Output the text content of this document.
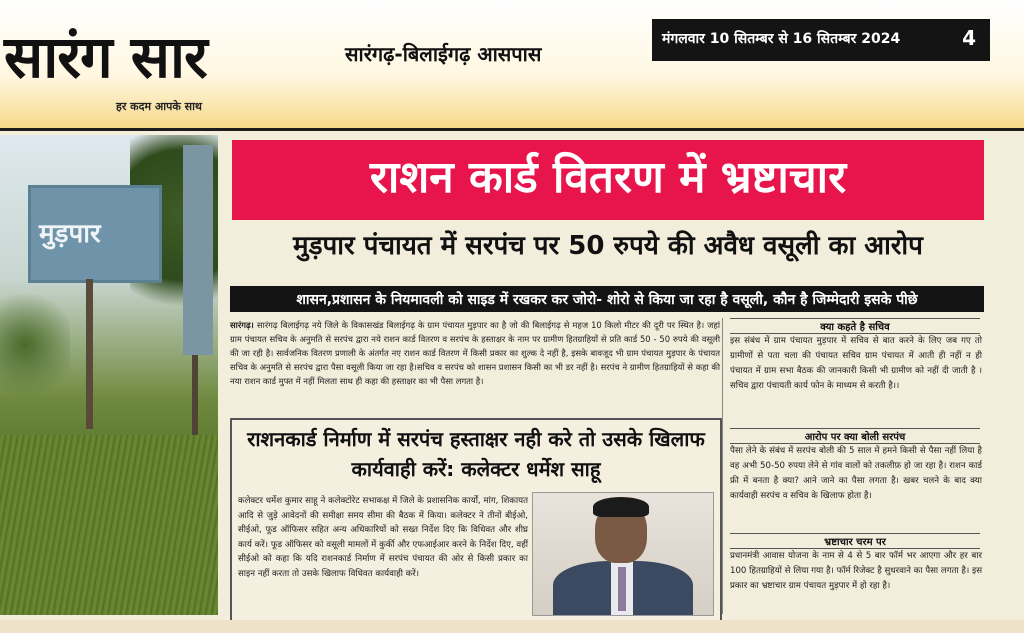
सारंग सार
हर कदम आपके साथ
सारंगढ़-बिलाईगढ़ आसपास
मंगलवार 10 सितम्बर से 16 सितम्बर 2024	4
मुड़पार
राशन कार्ड वितरण में भ्रष्टाचार
मुड़पार पंचायत में सरपंच पर 50 रुपये की अवैध वसूली का आरोप
शासन,प्रशासन के नियमावली को साइड में रखकर कर जोरो- शोरो से किया जा रहा है वसूली, कौन है जिम्मेदारी इसके पीछे
सारंगढ़। सारंगढ़ बिलाईगढ़ नये जिले के विकासखंड बिलाईगढ़ के ग्राम पंचायत मुड़पार का है जो की बिलाईगढ़ से महज 10 किलो मीटर की दूरी पर स्थित है। जहां ग्राम पंचायत सचिव के अनुमति से सरपंच द्वारा नये राशन कार्ड वितरण व सरपंच के हस्ताक्षर के नाम पर ग्रामीण हितग्राहियों से प्रति कार्ड 50 - 50 रुपये की वसूली की जा रही है। सार्वजनिक वितरण प्रणाली के अंतर्गत नए राशन कार्ड वितरण में किसी प्रकार का शुल्क दे नहीं है, इसके बावजूद भी ग्राम पंचायत मुड़पार के पंचायत सचिव के अनुमति से सरपंच द्वारा पैसा वसूली किया जा रहा है।सचिव व सरपंच को शासन प्रशासन किसी का भी डर नहीं है। सरपंच ने ग्रामीण हितग्राहियों से कहा की नया राशन कार्ड मुफ्त में नहीं मिलता साथ ही कहा की हस्ताक्षर का भी पैसा लगता है।
क्या कहते है सचिव
इस संबंध में ग्राम पंचायत मुड़पार में सचिव से बात करने के लिए जब गए तो ग्रामीणों से पता चला की पंचायत सचिव ग्राम पंचायत में आती ही नहीं न ही पंचायत में ग्राम सभा बैठक की जानकारी किसी भी ग्रामीण को नहीं दी जाती है । सचिव द्वारा पंचायती कार्य फोन के माध्यम से करती है।।
आरोप पर क्या बोली सरपंच
पैसा लेने के संबंध में सरपंच बोली की 5 साल में हमने किसी से पैसा नहीं लिया है वह अभी 50-50 रुपया लेने से गांव वालों को तकलीफ़ हो जा रहा है। राशन कार्ड फ्री में बनता है क्या? आने जाने का पैसा लगता है। खबर चलने के बाद क्या कार्यवाही सरपंच व सचिव के खिलाफ होता है।
भ्रष्टाचार चरम पर
प्रधानमंत्री आवास योजना के नाम से 4 से 5 बार फॉर्म भर आएगा और हर बार 100 हितग्राहियों से लिया गया है। फॉर्म रिजेक्ट है सुधरवाने का पैसा लगता है। इस प्रकार का भ्रष्टाचार ग्राम पंचायत मुड़पार में हो रहा है।
राशनकार्ड निर्माण में सरपंच हस्ताक्षर नही करे तो उसके खिलाफ कार्यवाही करें: कलेक्टर धर्मेश साहू
कलेक्टर धर्मेश कुमार साहू ने कलेक्टोरेट सभाकक्ष में जिले के प्रशासनिक कार्यों, मांग, शिकायत आदि से जुड़े आवेदनों की समीक्षा समय सीमा की बैठक में किया। कलेक्टर ने तीनों बीईओ, सीईओ, फूड ऑफिसर सहित अन्य अधिकारियों को सख्त निर्देश दिए कि विधिवत और शीघ्र कार्य करें। फूड ऑफिसर को वसूली मामलों में कुर्की और एफआईआर करने के निर्देश दिए, वहीं सीईओ को कहा कि यदि राशनकार्ड निर्माण में सरपंच पंचायत की ओर से किसी प्रकार का साइन नहीं करता तो उसके खिलाफ विधिवत कार्यवाही करें।
